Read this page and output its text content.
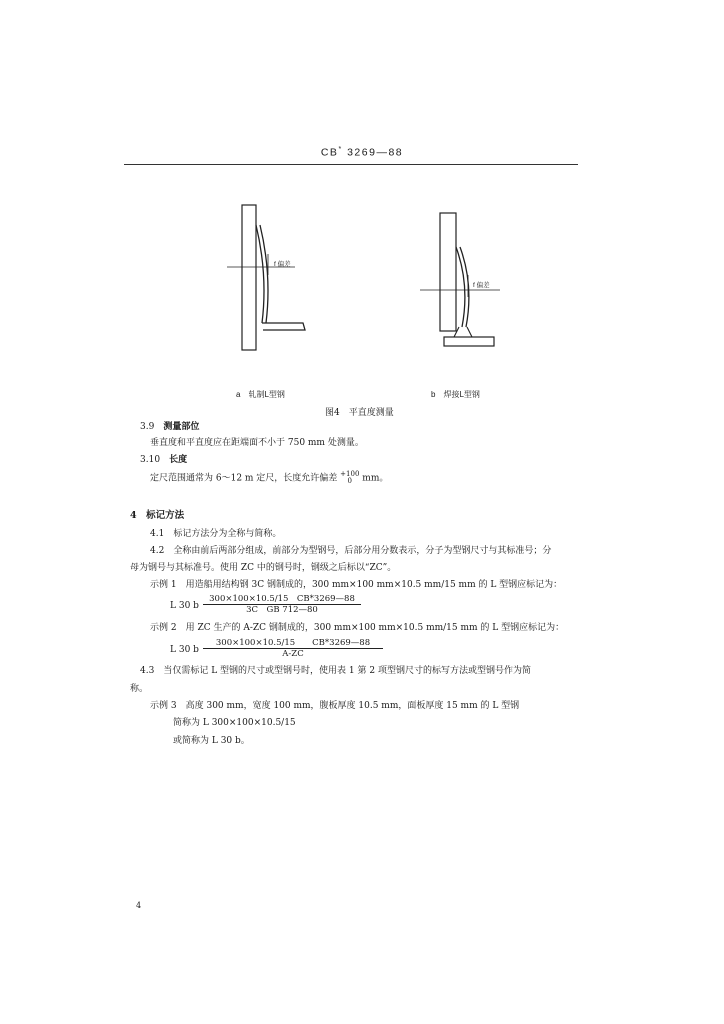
CB* 3269—88
f 偏差
f 偏差
a　 轧制L型钢	b　 焊接L型钢
图4　平直度测量
3.9　 测量部位
垂直度和平直度应在距端面不小于 750 mm 处测量。
3.10　 长度
定尺范围通常为 6～12 m 定尺，长度允许偏差 +100
0	mm。
4　 标记方法
4.1　 标记方法分为全称与简称。
4.2　 全称由前后两部分组成，前部分为型钢号，后部分用分数表示，分子为型钢尺寸与其标准号；分
母为钢号与其标准号。使用 ZC 中的钢号时，钢级之后标以“ZC”。
示例 1　 用造船用结构钢 3C 钢制成的，300 mm×100 mm×10.5 mm/15 mm 的 L 型钢应标记为：
L 30 b $\frac{300\times 100\times 10.5/15 CB*3269—88}{\text{3C　GB 712—80}}$
示例 2　 用 ZC 生产的 A-ZC 钢制成的，300 mm×100 mm×10.5 mm/15 mm 的 L 型钢应标记为：
L 30 b $\frac{300\times 100\times 10.5/15 CB*3269—88}{A-ZC}$
4.3　 当仅需标记 L 型钢的尺寸或型钢号时，使用表 1 第 2 项型钢尺寸的标写方法或型钢号作为简
称。
示例 3　 高度 300 mm，宽度 100 mm，腹板厚度 10.5 mm，面板厚度 15 mm 的 L 型钢
简称为 L 300×100×10.5/15
或简称为 L 30 b。
4
